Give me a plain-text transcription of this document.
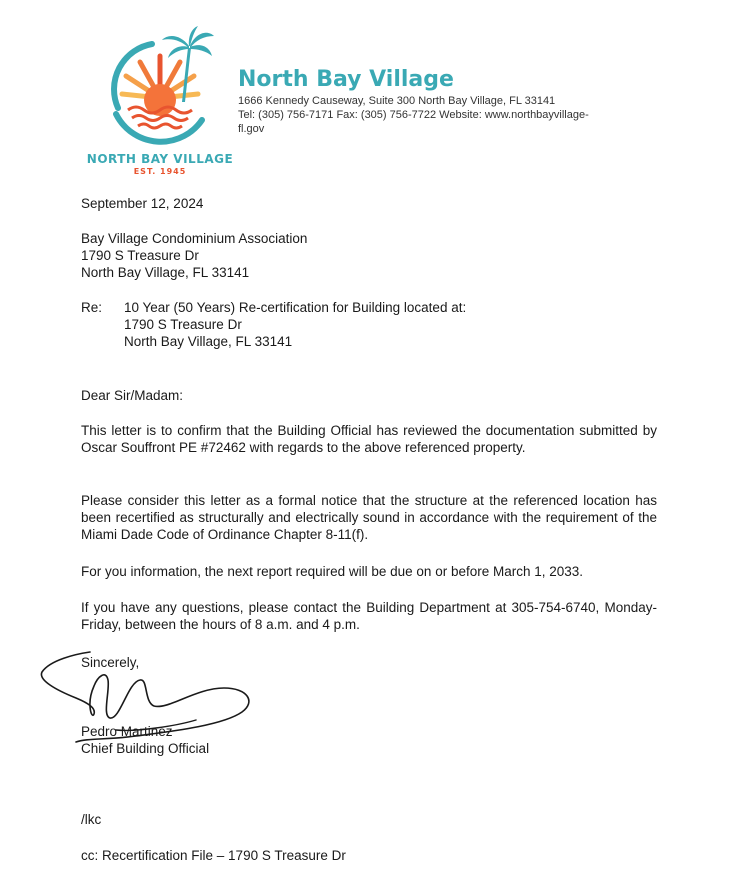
NORTH BAY VILLAGE
EST. 1945
North Bay Village
1666 Kennedy Causeway, Suite 300 North Bay Village, FL 33141
Tel: (305) 756-7171 Fax: (305) 756-7722 Website: www.northbayvillage-
fl.gov
September 12, 2024
Bay Village Condominium Association
1790 S Treasure Dr
North Bay Village, FL 33141
Re: 10 Year (50 Years) Re-certification for Building located at:
1790 S Treasure Dr
North Bay Village, FL 33141
Dear Sir/Madam:
This letter is to confirm that the Building Official has reviewed the documentation submitted by Oscar Souffront PE #72462 with regards to the above referenced property.
Please consider this letter as a formal notice that the structure at the referenced location has been recertified as structurally and electrically sound in accordance with the requirement of the Miami Dade Code of Ordinance Chapter 8-11(f).
For you information, the next report required will be due on or before March 1, 2033.
If you have any questions, please contact the Building Department at 305-754-6740, Monday-Friday, between the hours of 8 a.m. and 4 p.m.
Sincerely,
Pedro Martinez
Chief Building Official
/lkc
cc: Recertification File – 1790 S Treasure Dr
